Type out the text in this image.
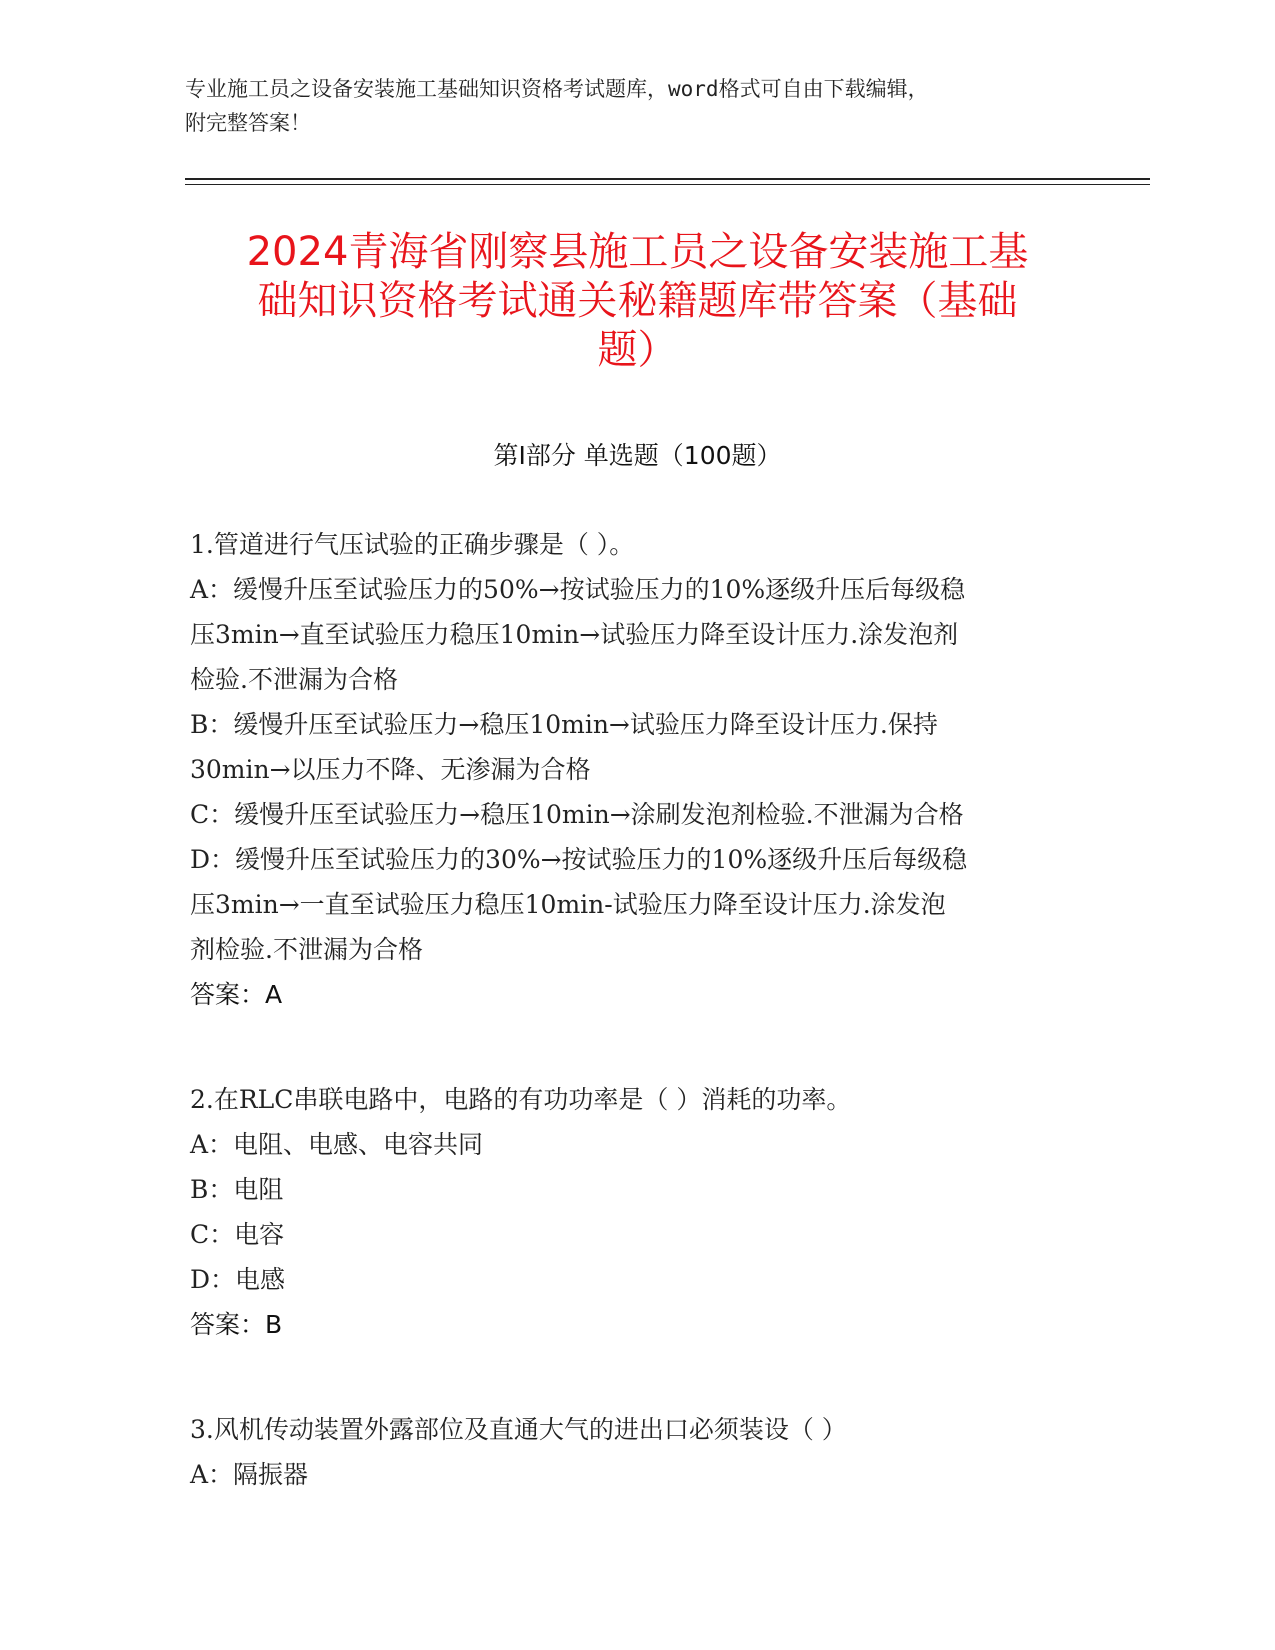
专业施工员之设备安装施工基础知识资格考试题库，word格式可自由下载编辑，
附完整答案！
2024青海省刚察县施工员之设备安装施工基
础知识资格考试通关秘籍题库带答案（基础
题）
第Ⅰ部分 单选题（100题）
1.管道进行气压试验的正确步骤是（ ）。
A：缓慢升压至试验压力的50%→按试验压力的10%逐级升压后每级稳
压3min→直至试验压力稳压10min→试验压力降至设计压力.涂发泡剂
检验.不泄漏为合格
B：缓慢升压至试验压力→稳压10min→试验压力降至设计压力.保持
30min→以压力不降、无渗漏为合格
C：缓慢升压至试验压力→稳压10min→涂刷发泡剂检验.不泄漏为合格
D：缓慢升压至试验压力的30%→按试验压力的10%逐级升压后每级稳
压3min→一直至试验压力稳压10min-试验压力降至设计压力.涂发泡
剂检验.不泄漏为合格
答案：A
2.在RLC串联电路中，电路的有功功率是（ ）消耗的功率。
A：电阻、电感、电容共同
B：电阻
C：电容
D：电感
答案：B
3.风机传动装置外露部位及直通大气的进出口必须装设（ ）
A：隔振器
